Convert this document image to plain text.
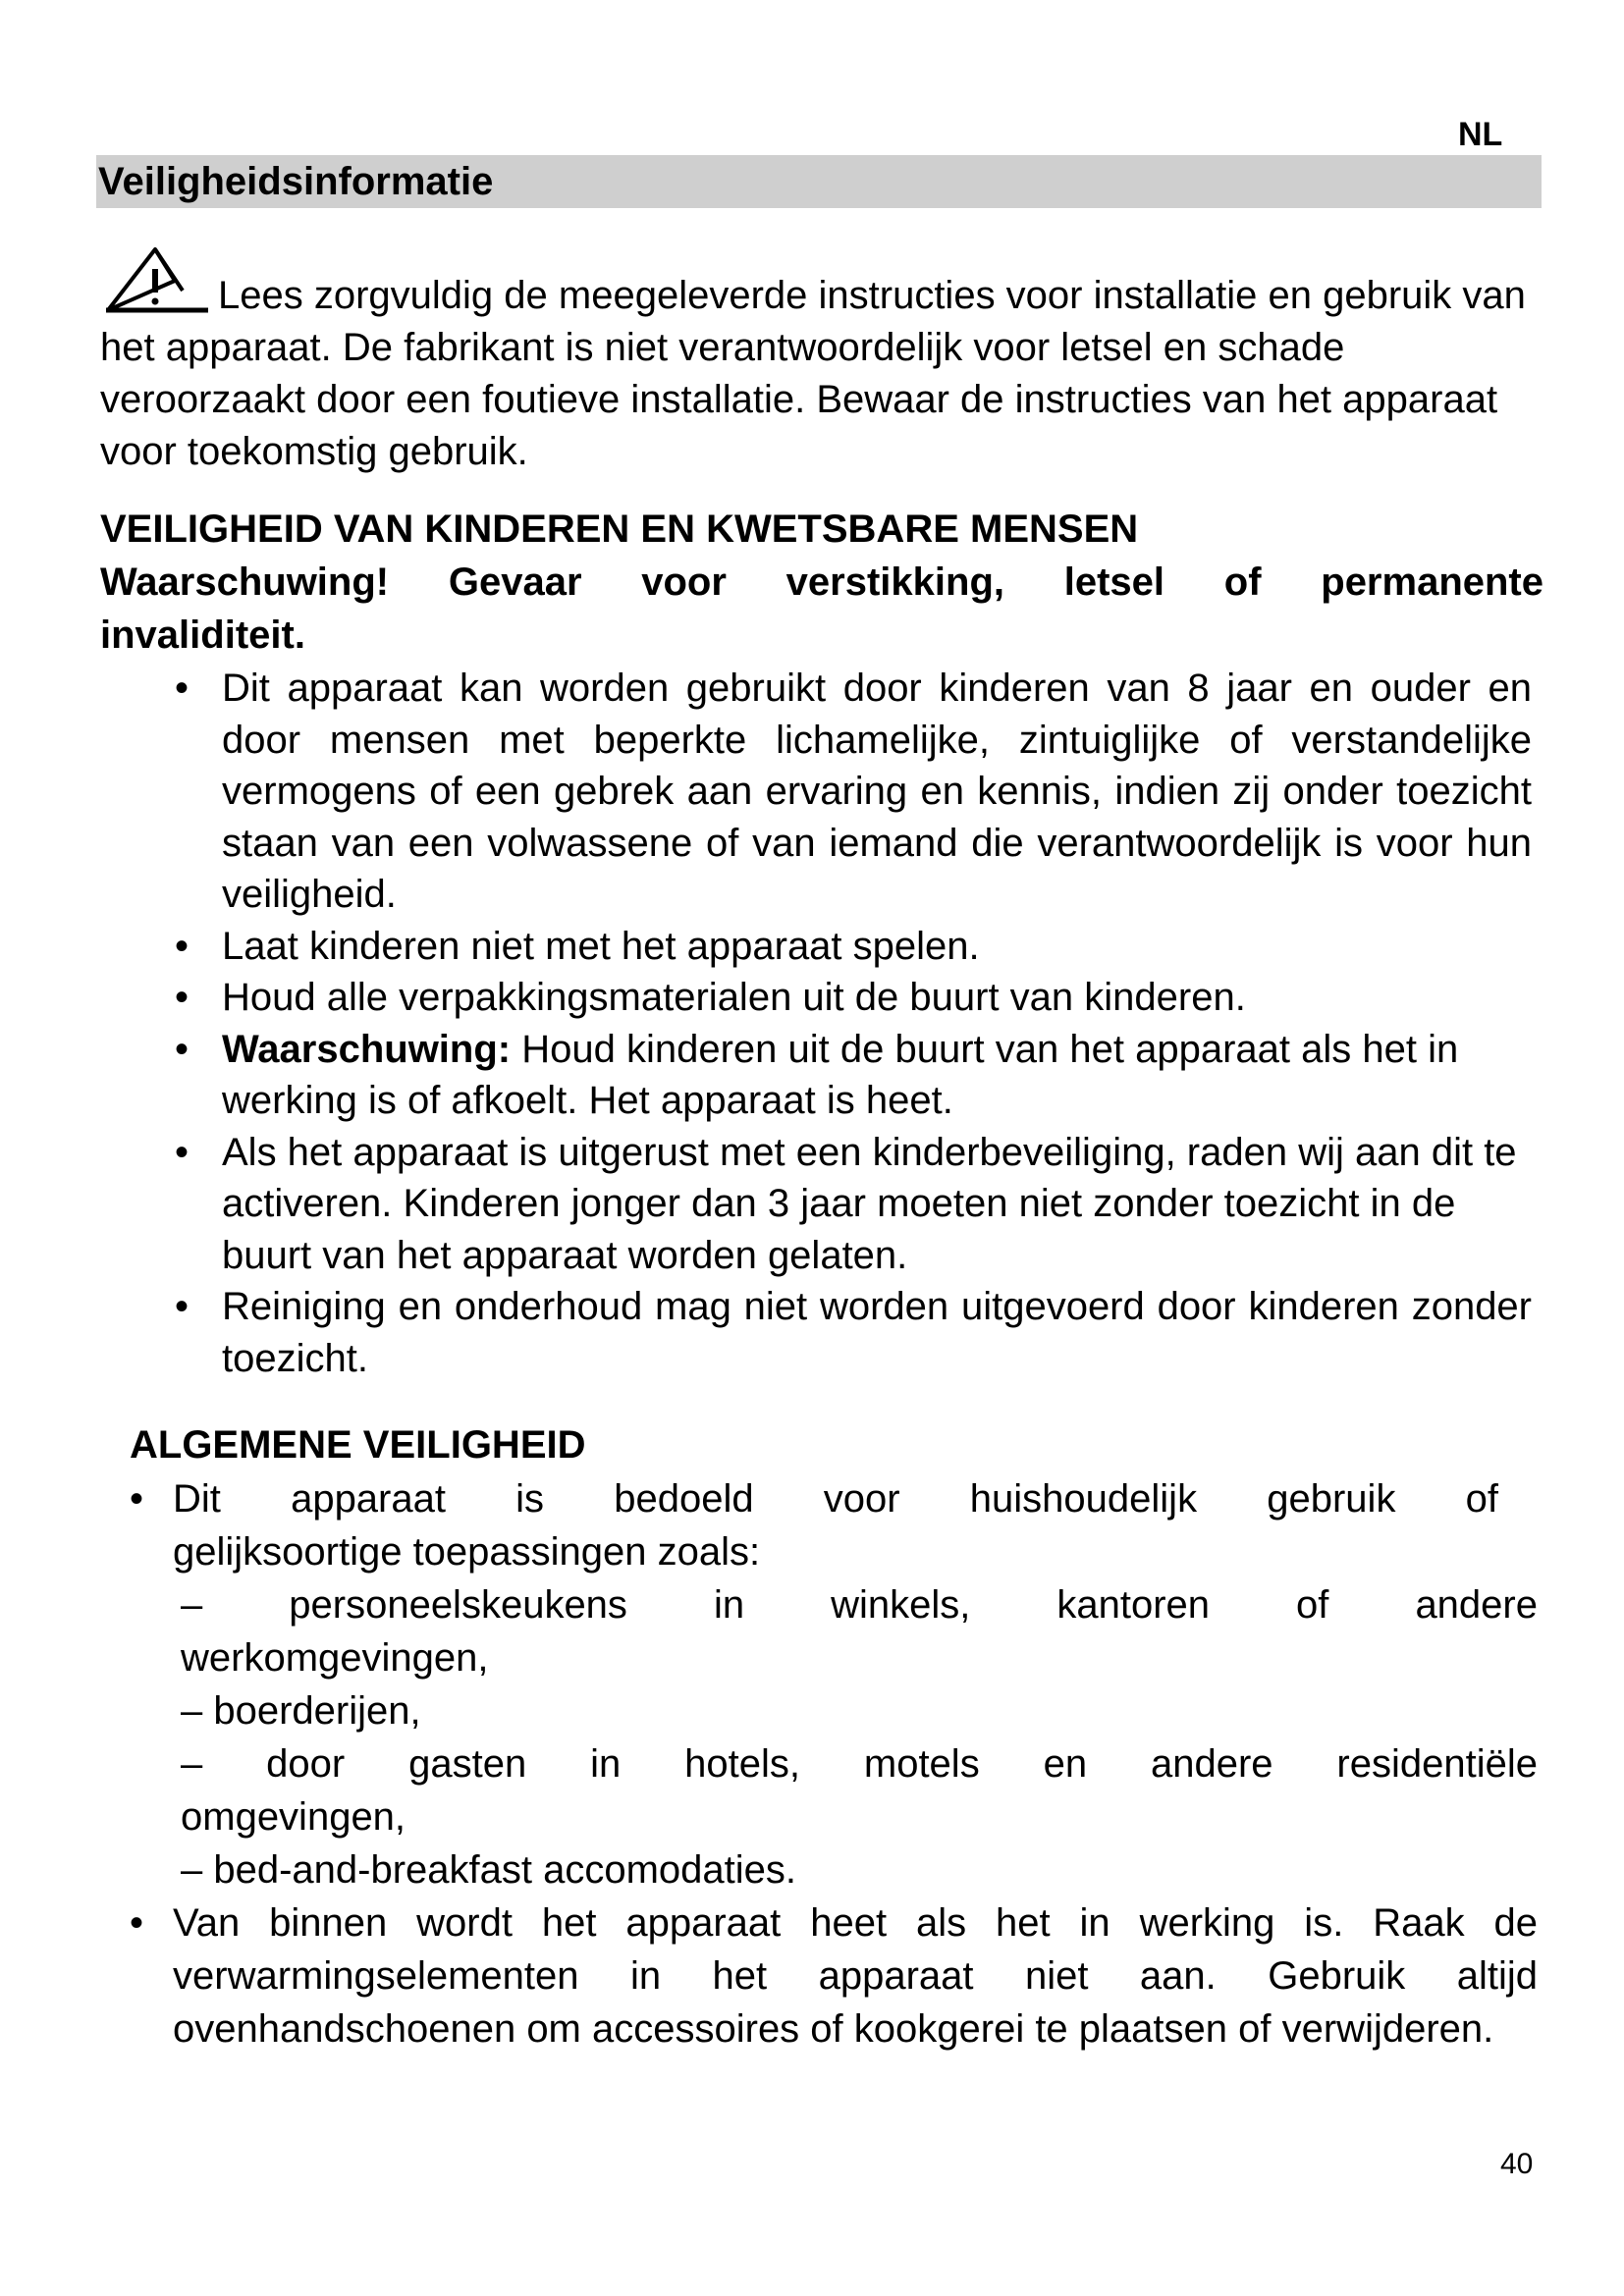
NL
Veiligheidsinformatie
Lees zorgvuldig de meegeleverde instructies voor installatie en gebruik van het apparaat. De fabrikant is niet verantwoordelijk voor letsel en schade veroorzaakt door een foutieve installatie. Bewaar de instructies van het apparaat voor toekomstig gebruik.
VEILIGHEID VAN KINDEREN EN KWETSBARE MENSEN
Waarschuwing! Gevaar voor verstikking, letsel of permanente
invaliditeit.
• Dit apparaat kan worden gebruikt door kinderen van 8 jaar en ouder en door mensen met beperkte lichamelijke, zintuiglijke of verstandelijke vermogens of een gebrek aan ervaring en kennis, indien zij onder toezicht staan van een volwassene of van iemand die verantwoordelijk is voor hun veiligheid.
• Laat kinderen niet met het apparaat spelen.
• Houd alle verpakkingsmaterialen uit de buurt van kinderen.
• Waarschuwing: Houd kinderen uit de buurt van het apparaat als het in werking is of afkoelt. Het apparaat is heet.
• Als het apparaat is uitgerust met een kinderbeveiliging, raden wij aan dit te activeren. Kinderen jonger dan 3 jaar moeten niet zonder toezicht in de buurt van het apparaat worden gelaten.
• Reiniging en onderhoud mag niet worden uitgevoerd door kinderen zonder toezicht.
ALGEMENE VEILIGHEID
• Dit apparaat is bedoeld voor huishoudelijk gebruik of
gelijksoortige toepassingen zoals:
– personeelskeukens in winkels, kantoren of andere
werkomgevingen,
– boerderijen,
– door gasten in hotels, motels en andere residentiële
omgevingen,
– bed-and-breakfast accomodaties.
• Van binnen wordt het apparaat heet als het in werking is. Raak de verwarmingselementen in het apparaat niet aan. Gebruik altijd ovenhandschoenen om accessoires of kookgerei te plaatsen of verwijderen.
40
